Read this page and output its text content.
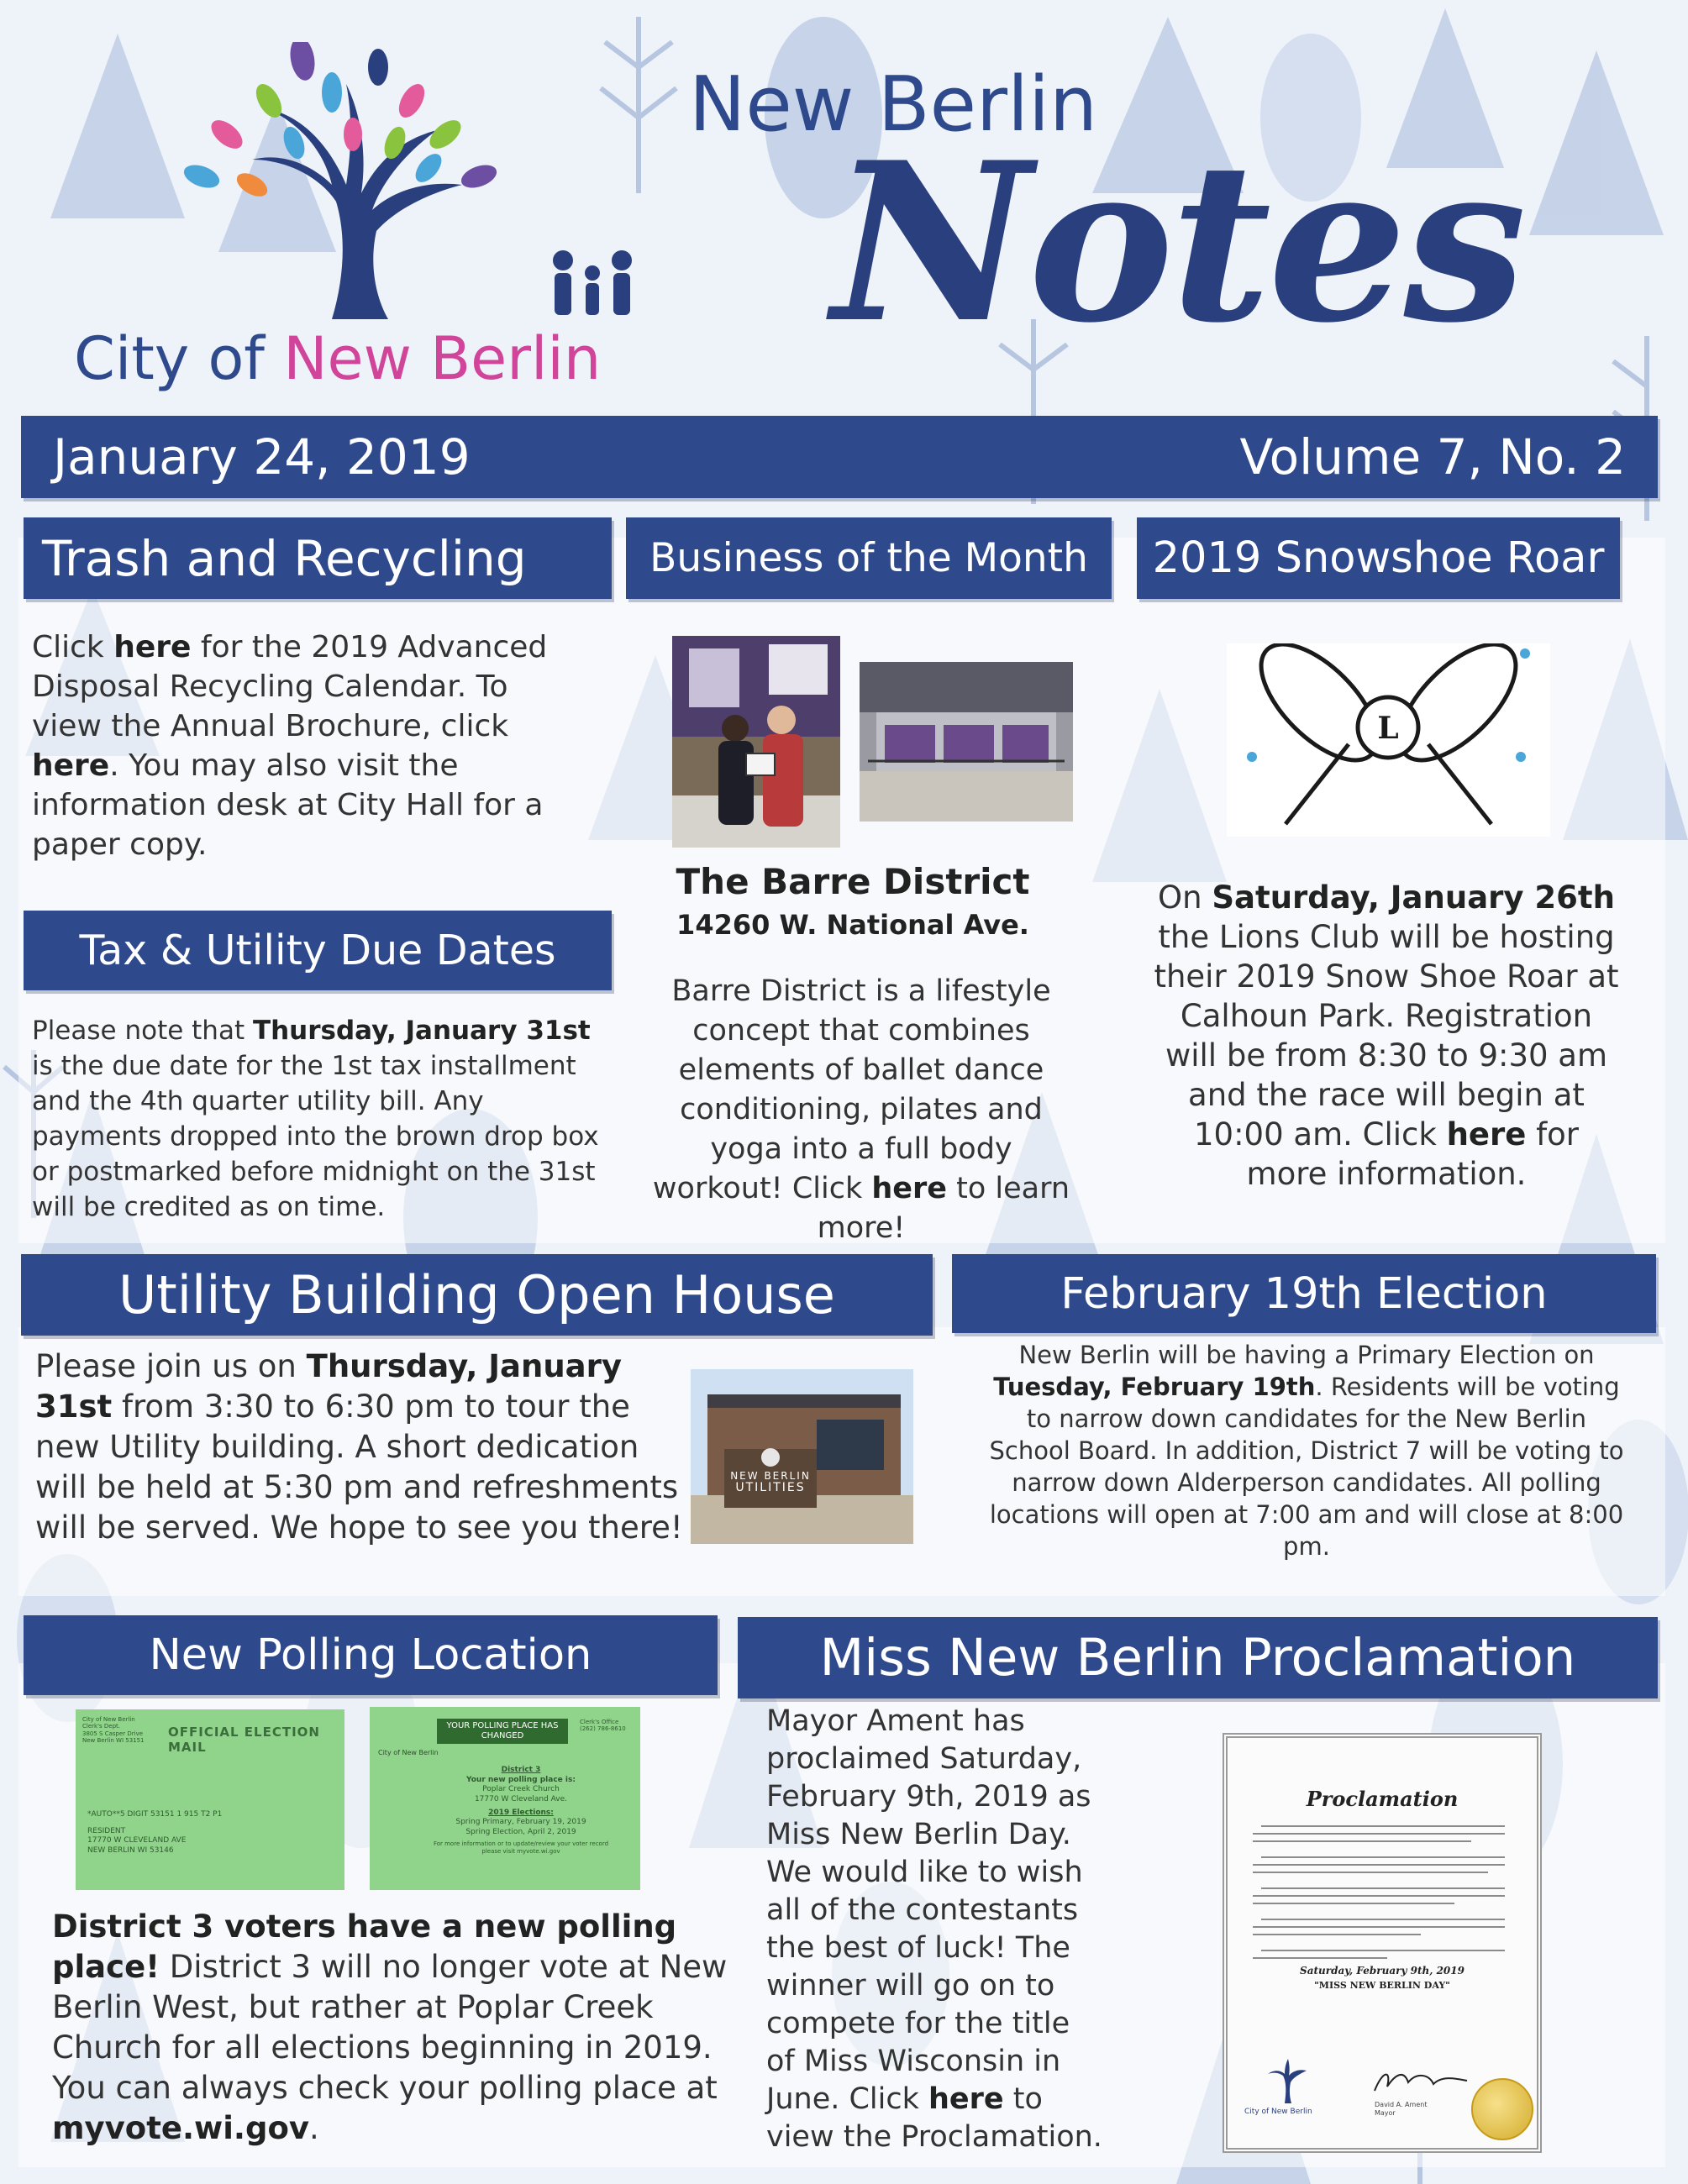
City of New Berlin
New Berlin
Notes
January 24, 2019	Volume 7, No. 2
Trash and Recycling
Click here for the 2019 Advanced Disposal Recycling Calendar. To view the Annual Brochure, click here. You may also visit the information desk at City Hall for a paper copy.
Tax & Utility Due Dates
Please note that Thursday, January 31st is the due date for the 1st tax installment and the 4th quarter utility bill. Any payments dropped into the brown drop box or postmarked before midnight on the 31st will be credited as on time.
Business of the Month
The Barre District
14260 W. National Ave.
Barre District is a lifestyle concept that combines elements of ballet dance conditioning, pilates and yoga into a full body workout! Click here to learn more!
2019 Snowshoe Roar
L
On Saturday, January 26th the Lions Club will be hosting their 2019 Snow Shoe Roar at Calhoun Park. Registration will be from 8:30 to 9:30 am and the race will begin at 10:00 am. Click here for more information.
Utility Building Open House
Please join us on Thursday, January 31st from 3:30 to 6:30 pm to tour the new Utility building. A short dedication will be held at 5:30 pm and refreshments will be served. We hope to see you there!
NEW BERLIN
UTILITIES
February 19th Election
New Berlin will be having a Primary Election on Tuesday, February 19th. Residents will be voting to narrow down candidates for the New Berlin School Board. In addition, District 7 will be voting to narrow down Alderperson candidates. All polling locations will open at 7:00 am and will close at 8:00 pm.
New Polling Location
City of New Berlin
Clerk's Dept.
3805 S Casper Drive
New Berlin WI 53151
OFFICIAL ELECTION MAIL
*AUTO**5 DIGIT 53151 1 915 T2 P1
RESIDENT
17770 W CLEVELAND AVE
NEW BERLIN WI 53146
YOUR POLLING PLACE HAS CHANGED
Clerk's Office
(262) 786-8610
City of New Berlin
District 3
Your new polling place is:
Poplar Creek Church
17770 W Cleveland Ave.
2019 Elections:
Spring Primary, February 19, 2019
Spring Election, April 2, 2019
For more information or to update/review your voter record please visit myvote.wi.gov
District 3 voters have a new polling place! District 3 will no longer vote at New Berlin West, but rather at Poplar Creek Church for all elections beginning in 2019. You can always check your polling place at myvote.wi.gov.
Miss New Berlin Proclamation
Mayor Ament has proclaimed Saturday, February 9th, 2019 as Miss New Berlin Day. We would like to wish all of the contestants the best of luck! The winner will go on to compete for the title of Miss Wisconsin in June. Click here to view the Proclamation.
Proclamation
Saturday, February 9th, 2019
"MISS NEW BERLIN DAY"
City of New Berlin
David A. Ament
Mayor
